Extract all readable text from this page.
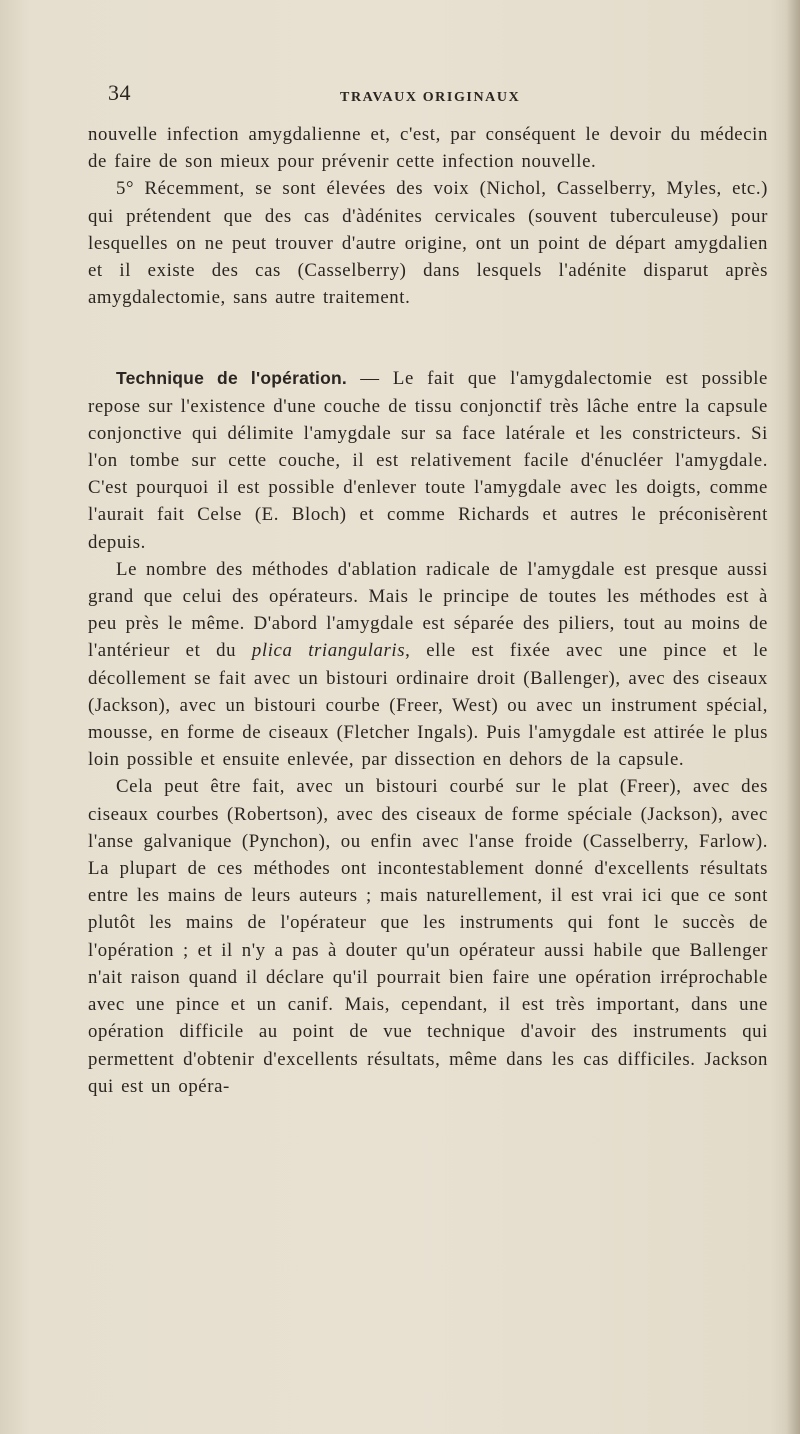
34	TRAVAUX ORIGINAUX

nouvelle infection amygdalienne et, c'est, par conséquent le devoir du médecin de faire de son mieux pour prévenir cette infection nouvelle.

5° Récemment, se sont élevées des voix (Nichol, Casselberry, Myles, etc.) qui prétendent que des cas d'àdénites cervicales (souvent tuberculeuse) pour lesquelles on ne peut trouver d'autre origine, ont un point de départ amygdalien et il existe des cas (Casselberry) dans lesquels l'adénite disparut après amygdalectomie, sans autre traitement.

Technique de l'opération. — Le fait que l'amygdalectomie est possible repose sur l'existence d'une couche de tissu conjonctif très lâche entre la capsule conjonctive qui délimite l'amygdale sur sa face latérale et les constricteurs. Si l'on tombe sur cette couche, il est relativement facile d'énucléer l'amygdale. C'est pourquoi il est possible d'enlever toute l'amygdale avec les doigts, comme l'aurait fait Celse (E. Bloch) et comme Richards et autres le préconisèrent depuis.

Le nombre des méthodes d'ablation radicale de l'amygdale est presque aussi grand que celui des opérateurs. Mais le principe de toutes les méthodes est à peu près le même. D'abord l'amygdale est séparée des piliers, tout au moins de l'antérieur et du plica triangularis, elle est fixée avec une pince et le décollement se fait avec un bistouri ordinaire droit (Ballenger), avec des ciseaux (Jackson), avec un bistouri courbe (Freer, West) ou avec un instrument spécial, mousse, en forme de ciseaux (Fletcher Ingals). Puis l'amygdale est attirée le plus loin possible et ensuite enlevée, par dissection en dehors de la capsule.

Cela peut être fait, avec un bistouri courbé sur le plat (Freer), avec des ciseaux courbes (Robertson), avec des ciseaux de forme spéciale (Jackson), avec l'anse galvanique (Pynchon), ou enfin avec l'anse froide (Casselberry, Farlow). La plupart de ces méthodes ont incontestablement donné d'excellents résultats entre les mains de leurs auteurs ; mais naturellement, il est vrai ici que ce sont plutôt les mains de l'opérateur que les instruments qui font le succès de l'opération ; et il n'y a pas à douter qu'un opérateur aussi habile que Ballenger n'ait raison quand il déclare qu'il pourrait bien faire une opération irréprochable avec une pince et un canif. Mais, cependant, il est très important, dans une opération difficile au point de vue technique d'avoir des instruments qui permettent d'obtenir d'excellents résultats, même dans les cas difficiles. Jackson qui est un opéra-
